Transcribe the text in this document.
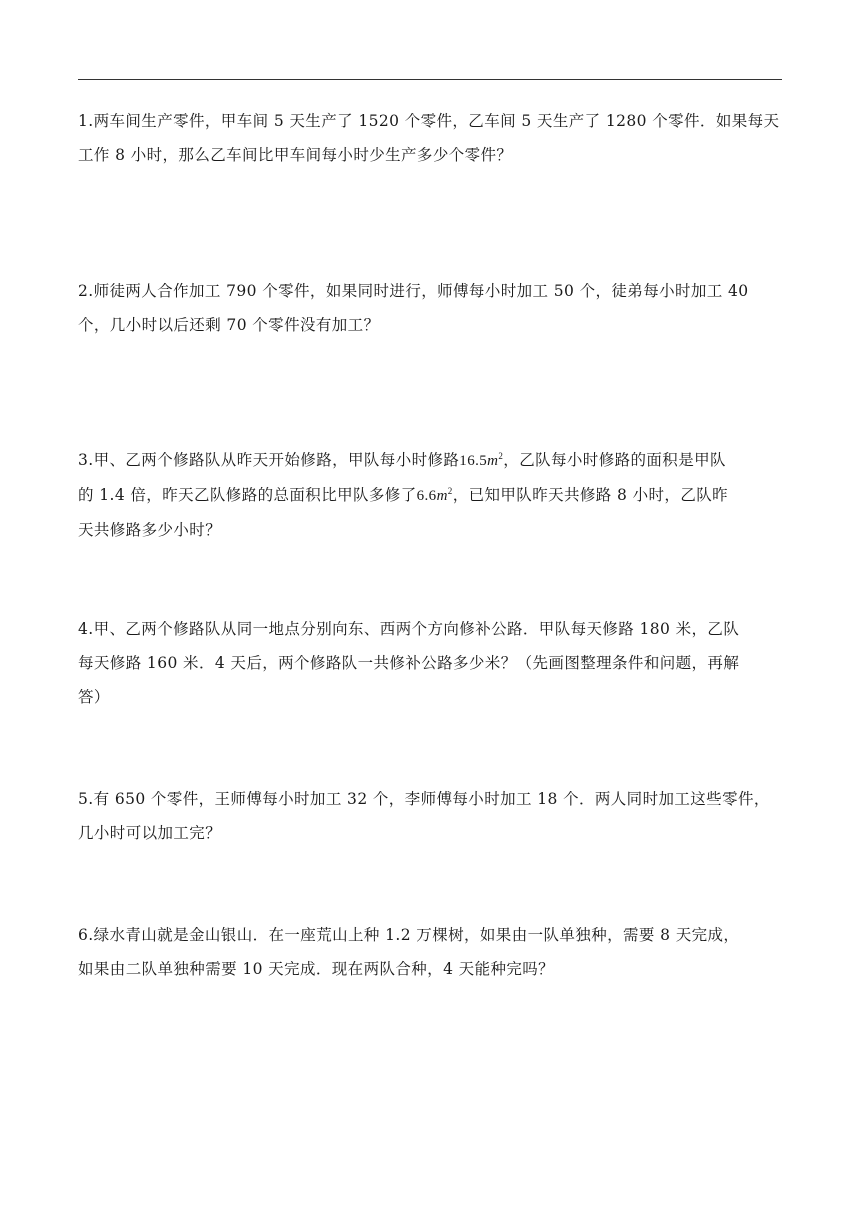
1.两车间生产零件，甲车间 5 天生产了 1520 个零件，乙车间 5 天生产了 1280 个零件．如果每天
工作 8 小时，那么乙车间比甲车间每小时少生产多少个零件？
2.师徒两人合作加工 790 个零件，如果同时进行，师傅每小时加工 50 个，徒弟每小时加工 40
个，几小时以后还剩 70 个零件没有加工？
3.甲、乙两个修路队从昨天开始修路，甲队每小时修路$16.5m^2$，乙队每小时修路的面积是甲队
的 1.4 倍，昨天乙队修路的总面积比甲队多修了$6.6m^2$，已知甲队昨天共修路 8 小时，乙队昨
天共修路多少小时？
4.甲、乙两个修路队从同一地点分别向东、西两个方向修补公路．甲队每天修路 180 米，乙队
每天修路 160 米．4 天后，两个修路队一共修补公路多少米？（先画图整理条件和问题，再解
答）
5.有 650 个零件，王师傅每小时加工 32 个，李师傅每小时加工 18 个．两人同时加工这些零件，
几小时可以加工完？
6.绿水青山就是金山银山．在一座荒山上种 1.2 万棵树，如果由一队单独种，需要 8 天完成，
如果由二队单独种需要 10 天完成．现在两队合种，4 天能种完吗？
